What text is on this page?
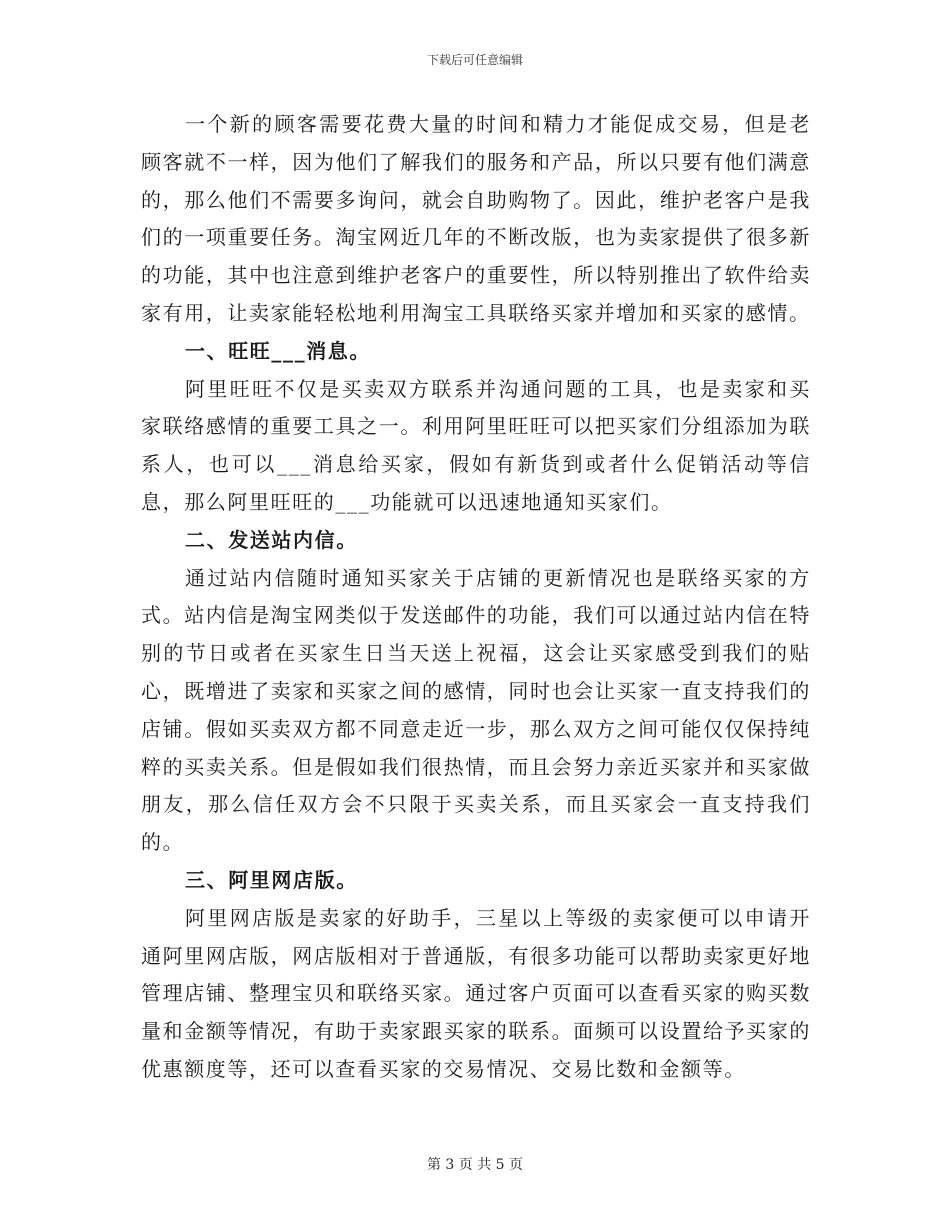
下载后可任意编辑

一个新的顾客需要花费大量的时间和精力才能促成交易，但是老顾客就不一样，因为他们了解我们的服务和产品，所以只要有他们满意的，那么他们不需要多询问，就会自助购物了。因此，维护老客户是我们的一项重要任务。淘宝网近几年的不断改版，也为卖家提供了很多新的功能，其中也注意到维护老客户的重要性，所以特别推出了软件给卖家有用，让卖家能轻松地利用淘宝工具联络买家并增加和买家的感情。

一、旺旺___消息。

阿里旺旺不仅是买卖双方联系并沟通问题的工具，也是卖家和买家联络感情的重要工具之一。利用阿里旺旺可以把买家们分组添加为联系人，也可以___消息给买家，假如有新货到或者什么促销活动等信息，那么阿里旺旺的___功能就可以迅速地通知买家们。

二、发送站内信。

通过站内信随时通知买家关于店铺的更新情况也是联络买家的方式。站内信是淘宝网类似于发送邮件的功能，我们可以通过站内信在特别的节日或者在买家生日当天送上祝福，这会让买家感受到我们的贴心，既增进了卖家和买家之间的感情，同时也会让买家一直支持我们的店铺。假如买卖双方都不同意走近一步，那么双方之间可能仅仅保持纯粹的买卖关系。但是假如我们很热情，而且会努力亲近买家并和买家做朋友，那么信任双方会不只限于买卖关系，而且买家会一直支持我们的。

三、阿里网店版。

阿里网店版是卖家的好助手，三星以上等级的卖家便可以申请开通阿里网店版，网店版相对于普通版，有很多功能可以帮助卖家更好地管理店铺、整理宝贝和联络买家。通过客户页面可以查看买家的购买数量和金额等情况，有助于卖家跟买家的联系。面频可以设置给予买家的优惠额度等，还可以查看买家的交易情况、交易比数和金额等。

第 3 页 共 5 页
